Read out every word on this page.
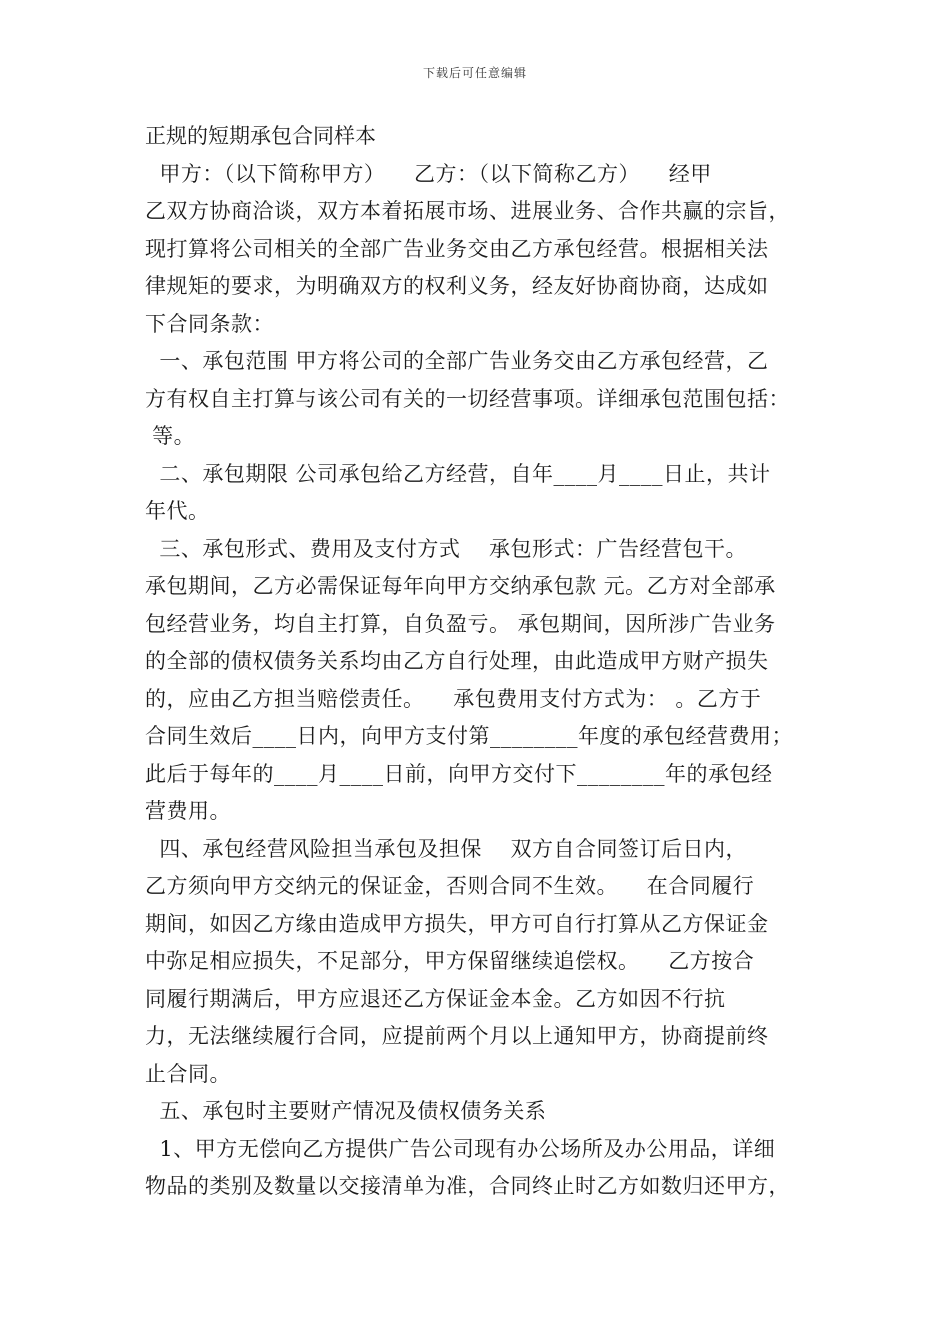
下载后可任意编辑
正规的短期承包合同样本
甲方：（以下简称甲方）    乙方：（以下简称乙方）    经甲
乙双方协商洽谈，双方本着拓展市场、进展业务、合作共赢的宗旨，
现打算将公司相关的全部广告业务交由乙方承包经营。根据相关法
律规矩的要求，为明确双方的权利义务，经友好协商协商，达成如
下合同条款：
一、承包范围 甲方将公司的全部广告业务交由乙方承包经营，乙
方有权自主打算与该公司有关的一切经营事项。详细承包范围包括：
等。
二、承包期限 公司承包给乙方经营，自年____月____日止，共计
年代。
三、承包形式、费用及支付方式    承包形式：广告经营包干。
承包期间，乙方必需保证每年向甲方交纳承包款 元。乙方对全部承
包经营业务，均自主打算，自负盈亏。 承包期间，因所涉广告业务
的全部的债权债务关系均由乙方自行处理，由此造成甲方财产损失
的，应由乙方担当赔偿责任。    承包费用支付方式为： 。乙方于
合同生效后____日内，向甲方支付第________年度的承包经营费用；
此后于每年的____月____日前，向甲方交付下________年的承包经
营费用。
四、承包经营风险担当承包及担保    双方自合同签订后日内，
乙方须向甲方交纳元的保证金，否则合同不生效。    在合同履行
期间，如因乙方缘由造成甲方损失，甲方可自行打算从乙方保证金
中弥足相应损失，不足部分，甲方保留继续追偿权。    乙方按合
同履行期满后，甲方应退还乙方保证金本金。乙方如因不行抗
力，无法继续履行合同，应提前两个月以上通知甲方，协商提前终
止合同。
五、承包时主要财产情况及债权债务关系
1、甲方无偿向乙方提供广告公司现有办公场所及办公用品，详细
物品的类别及数量以交接清单为准，合同终止时乙方如数归还甲方，
